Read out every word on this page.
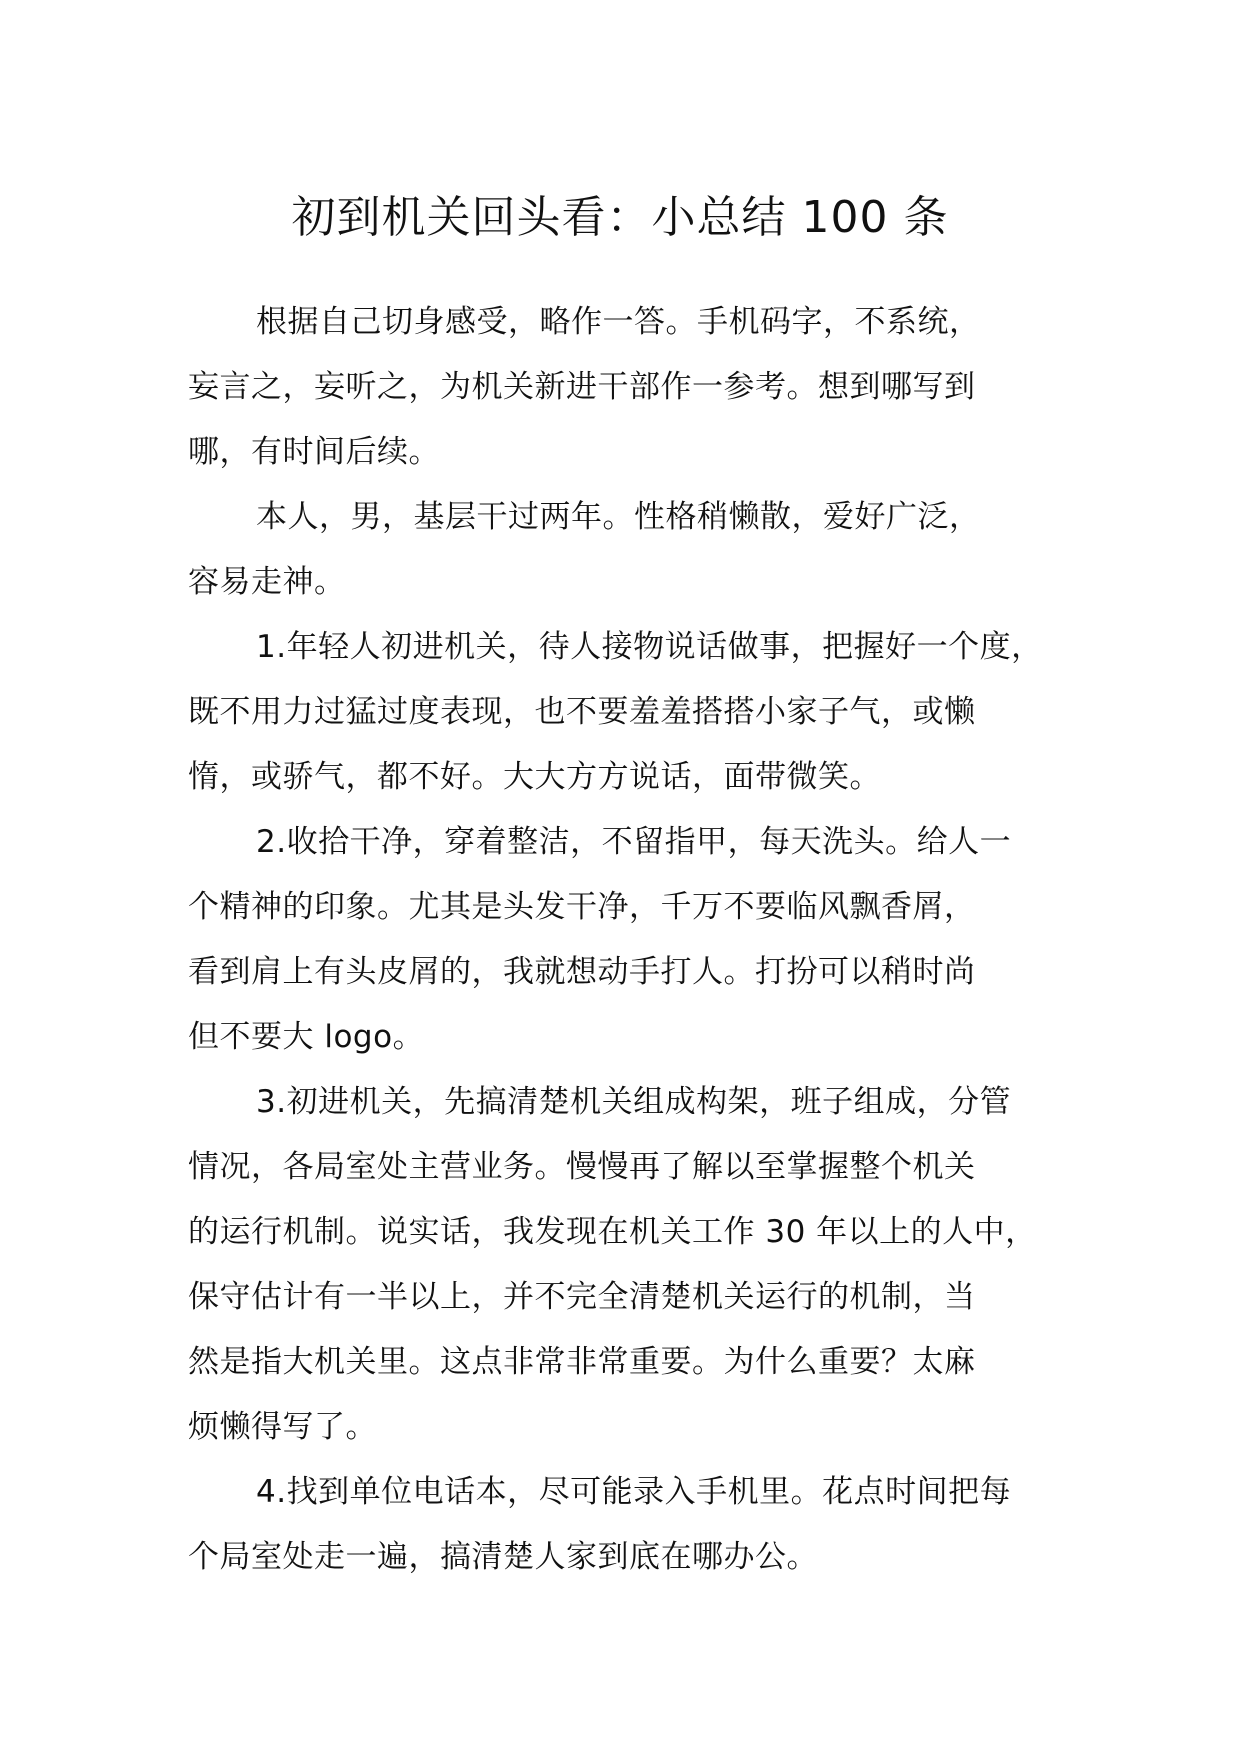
初到机关回头看：小总结 100 条

根据自己切身感受，略作一答。手机码字，不系统，
妄言之，妄听之，为机关新进干部作一参考。想到哪写到
哪，有时间后续。

本人，男，基层干过两年。性格稍懒散，爱好广泛，
容易走神。

1.年轻人初进机关，待人接物说话做事，把握好一个度，
既不用力过猛过度表现，也不要羞羞搭搭小家子气，或懒
惰，或骄气，都不好。大大方方说话，面带微笑。

2.收拾干净，穿着整洁，不留指甲，每天洗头。给人一
个精神的印象。尤其是头发干净，千万不要临风飘香屑，
看到肩上有头皮屑的，我就想动手打人。打扮可以稍时尚
但不要大 logo。

3.初进机关，先搞清楚机关组成构架，班子组成，分管
情况，各局室处主营业务。慢慢再了解以至掌握整个机关
的运行机制。说实话，我发现在机关工作 30 年以上的人中，
保守估计有一半以上，并不完全清楚机关运行的机制，当
然是指大机关里。这点非常非常重要。为什么重要？太麻
烦懒得写了。

4.找到单位电话本，尽可能录入手机里。花点时间把每
个局室处走一遍，搞清楚人家到底在哪办公。
